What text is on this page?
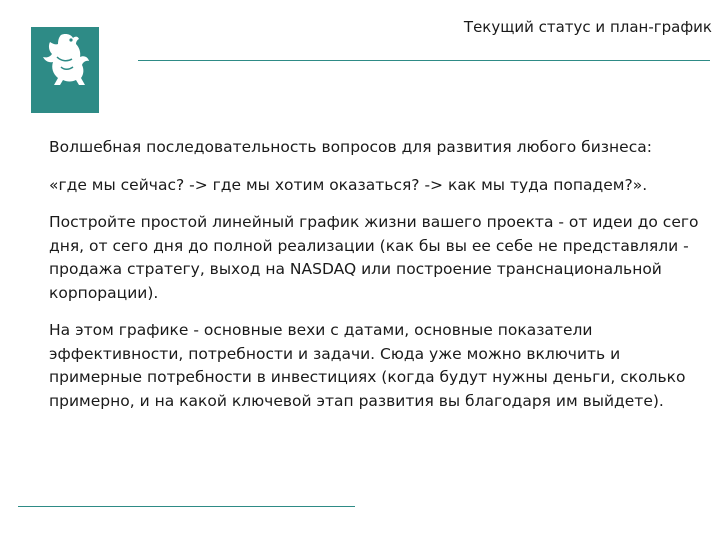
Текущий статус и план-график

Волшебная последовательность вопросов для развития любого бизнеса:

«где мы сейчас? -> где мы хотим оказаться? -> как мы туда попадем?».

Постройте простой линейный график жизни вашего проекта - от идеи до сего дня, от сего дня до полной реализации (как бы вы ее себе не представляли - продажа стратегу, выход на NASDAQ или построение транснациональной корпорации).

На этом графике - основные вехи с датами, основные показатели эффективности, потребности и задачи. Сюда уже можно включить и примерные потребности в инвестициях (когда будут нужны деньги, сколько примерно, и на какой ключевой этап развития вы благодаря им выйдете).
